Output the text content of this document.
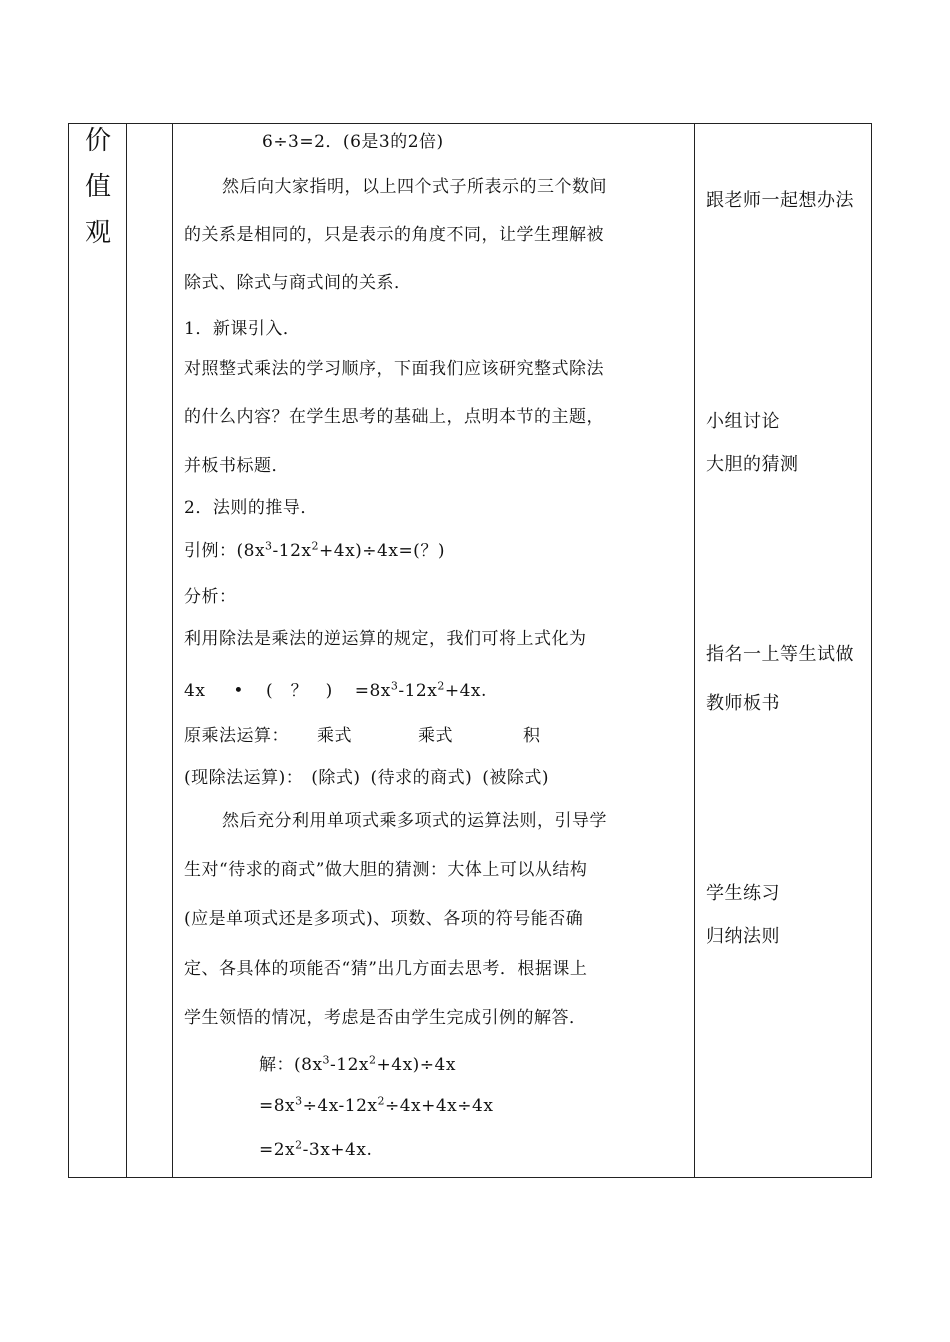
价
值
观
6÷3=2．(6是3的2倍)
然后向大家指明，以上四个式子所表示的三个数间
的关系是相同的，只是表示的角度不同，让学生理解被
除式、除式与商式间的关系．
1．新课引入．
对照整式乘法的学习顺序，下面我们应该研究整式除法
的什么内容？在学生思考的基础上，点明本节的主题，
并板书标题．
2．法则的推导．
引例：$(8x^3-12x^2+4x)\div 4x=$(？)
分析：
利用除法是乘法的逆运算的规定，我们可将上式化为
4x • (　？　) $=8x^3-12x^2+4x$.
原乘法运算： 乘式	乘式	积
(现除法运算)： (除式) (待求的商式) (被除式)
然后充分利用单项式乘多项式的运算法则，引导学
生对“待求的商式”做大胆的猜测：大体上可以从结构
(应是单项式还是多项式)、项数、各项的符号能否确
定、各具体的项能否“猜”出几方面去思考．根据课上
学生领悟的情况，考虑是否由学生完成引例的解答．
解：$(8x^3-12x^2+4x)\div 4x$
$=8x^3\div 4x-12x^2\div 4x+4x\div 4x$
$=2x^2-3x+4x$.
跟老师一起想办法
小组讨论
大胆的猜测
指名一上等生试做
教师板书
学生练习
归纳法则
